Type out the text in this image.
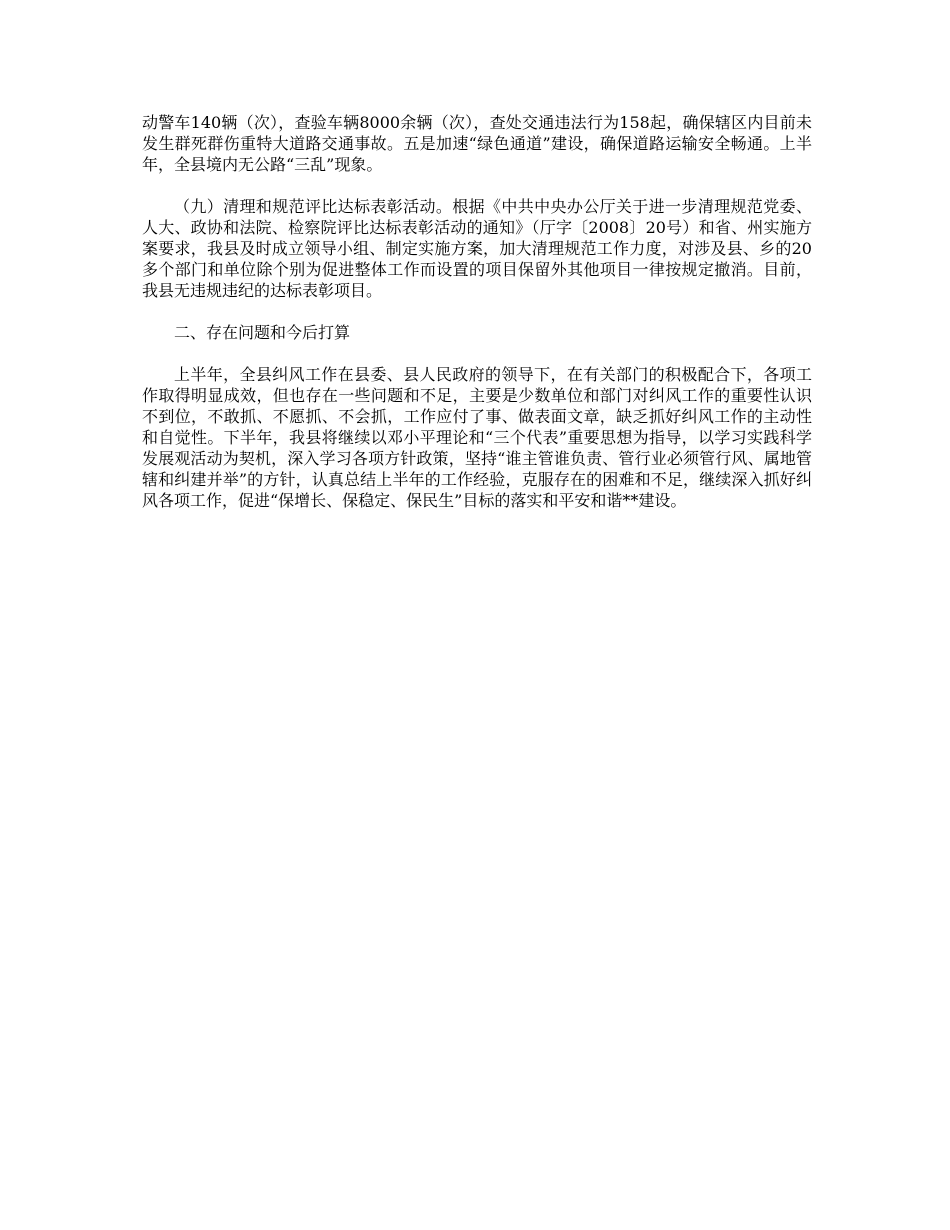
动警车140辆（次），查验车辆8000余辆（次），查处交通违法行为158起，确保辖区内目前未发生群死群伤重特大道路交通事故。五是加速“绿色通道”建设，确保道路运输安全畅通。上半年，全县境内无公路“三乱”现象。

（九）清理和规范评比达标表彰活动。根据《中共中央办公厅关于进一步清理规范党委、人大、政协和法院、检察院评比达标表彰活动的通知》（厅字〔2008〕20号）和省、州实施方案要求，我县及时成立领导小组、制定实施方案，加大清理规范工作力度，对涉及县、乡的20多个部门和单位除个别为促进整体工作而设置的项目保留外其他项目一律按规定撤消。目前，我县无违规违纪的达标表彰项目。

二、存在问题和今后打算

上半年，全县纠风工作在县委、县人民政府的领导下，在有关部门的积极配合下，各项工作取得明显成效，但也存在一些问题和不足，主要是少数单位和部门对纠风工作的重要性认识不到位，不敢抓、不愿抓、不会抓，工作应付了事、做表面文章，缺乏抓好纠风工作的主动性和自觉性。下半年，我县将继续以邓小平理论和“三个代表”重要思想为指导，以学习实践科学发展观活动为契机，深入学习各项方针政策，坚持“谁主管谁负责、管行业必须管行风、属地管辖和纠建并举”的方针，认真总结上半年的工作经验，克服存在的困难和不足，继续深入抓好纠风各项工作，促进“保增长、保稳定、保民生”目标的落实和平安和谐**建设。
